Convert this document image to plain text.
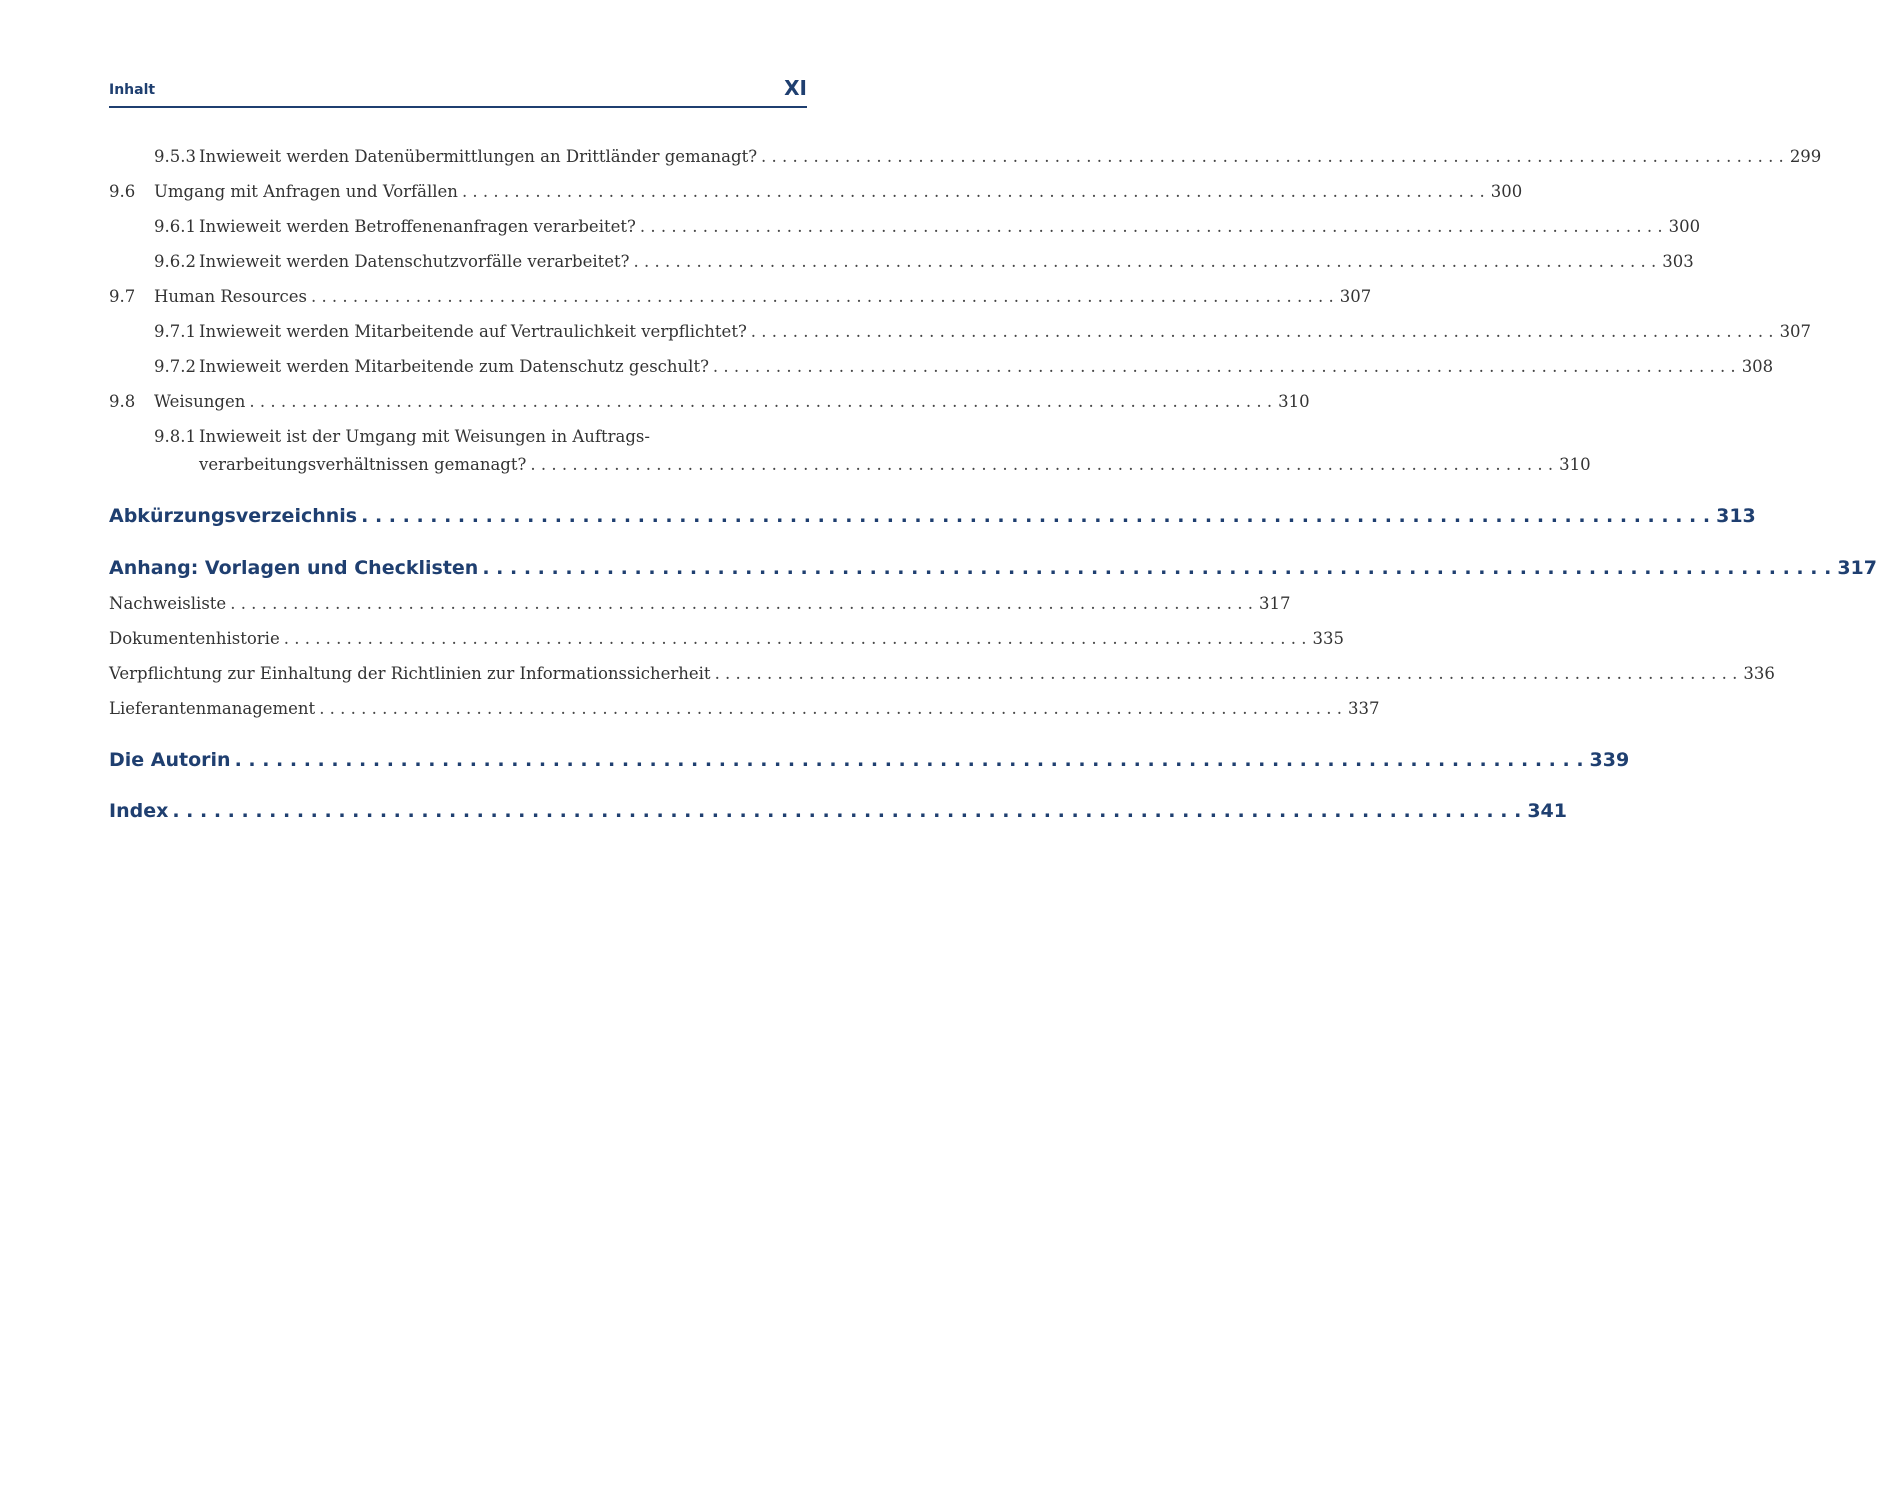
Inhalt	XI
9.5.3 Inwieweit werden Datenübermittlungen an Drittländer gemanagt? . . .	299
9.6	Umgang mit Anfragen und Vorfällen . . .	300
9.6.1 Inwieweit werden Betroffenenanfragen verarbeitet? . . .	300
9.6.2 Inwieweit werden Datenschutzvorfälle verarbeitet? . . .	303
9.7	Human Resources . . .	307
9.7.1 Inwieweit werden Mitarbeitende auf Vertraulichkeit verpflichtet? . . .	307
9.7.2 Inwieweit werden Mitarbeitende zum Datenschutz geschult? . . .	308
9.8	Weisungen . . .	310
9.8.1 Inwieweit ist der Umgang mit Weisungen in Auftrags-
verarbeitungsverhältnissen gemanagt? . . .	310
Abkürzungsverzeichnis . . .	313
Anhang: Vorlagen und Checklisten . . .	317
Nachweisliste . . .	317
Dokumentenhistorie . . .	335
Verpflichtung zur Einhaltung der Richtlinien zur Informationssicherheit . . .	336
Lieferantenmanagement . . .	337
Die Autorin . . .	339
Index . . .	341
